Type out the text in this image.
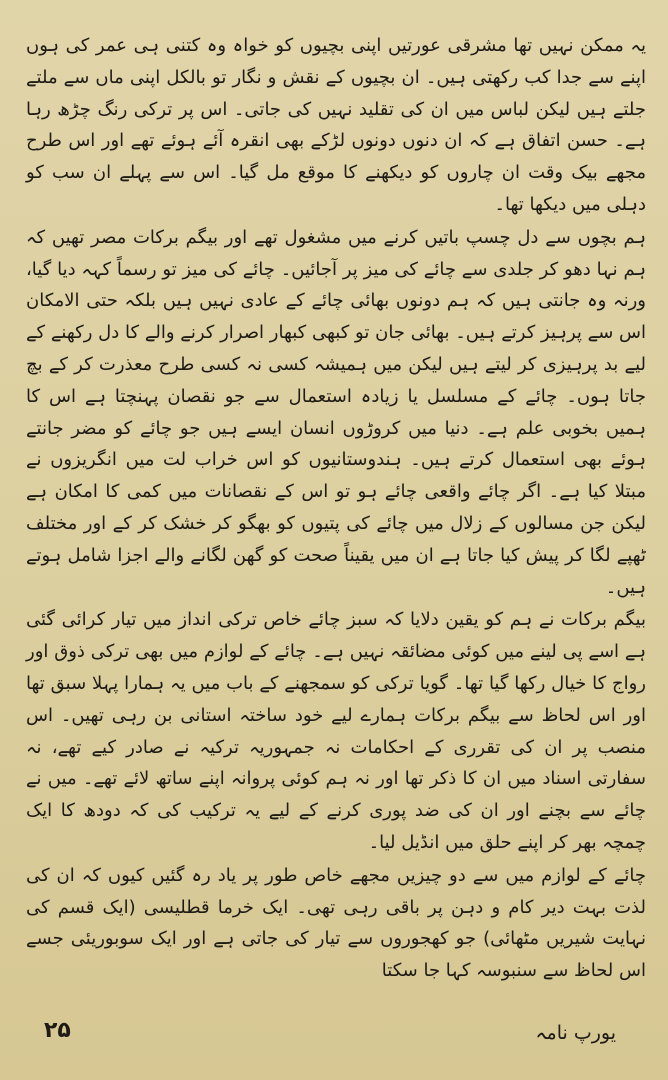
یہ ممکن نہیں تھا مشرقی عورتیں اپنی بچیوں کو خواہ وہ کتنی ہی عمر کی ہوں اپنے سے جدا کب رکھتی ہیں۔ ان بچیوں کے نقش و نگار تو بالکل اپنی ماں سے ملتے جلتے ہیں لیکن لباس میں ان کی تقلید نہیں کی جاتی۔ اس پر ترکی رنگ چڑھ رہا ہے۔ حسن اتفاق ہے کہ ان دنوں دونوں لڑکے بھی انقرہ آئے ہوئے تھے اور اس طرح مجھے بیک وقت ان چاروں کو دیکھنے کا موقع مل گیا۔ اس سے پہلے ان سب کو دہلی میں دیکھا تھا۔

ہم بچوں سے دل چسپ باتیں کرنے میں مشغول تھے اور بیگم برکات مصر تھیں کہ ہم نہا دھو کر جلدی سے چائے کی میز پر آجائیں۔ چائے کی میز تو رسماً کہہ دیا گیا، ورنہ وہ جانتی ہیں کہ ہم دونوں بھائی چائے کے عادی نہیں ہیں بلکہ حتی الامکان اس سے پرہیز کرتے ہیں۔ بھائی جان تو کبھی کبھار اصرار کرنے والے کا دل رکھنے کے لیے بد پرہیزی کر لیتے ہیں لیکن میں ہمیشہ کسی نہ کسی طرح معذرت کر کے بچ جاتا ہوں۔ چائے کے مسلسل یا زیادہ استعمال سے جو نقصان پہنچتا ہے اس کا ہمیں بخوبی علم ہے۔ دنیا میں کروڑوں انسان ایسے ہیں جو چائے کو مضر جانتے ہوئے بھی استعمال کرتے ہیں۔ ہندوستانیوں کو اس خراب لت میں انگریزوں نے مبتلا کیا ہے۔ اگر چائے واقعی چائے ہو تو اس کے نقصانات میں کمی کا امکان ہے لیکن جن مسالوں کے زلال میں چائے کی پتیوں کو بھگو کر خشک کر کے اور مختلف ٹھپے لگا کر پیش کیا جاتا ہے ان میں یقیناً صحت کو گھن لگانے والے اجزا شامل ہوتے ہیں۔

بیگم برکات نے ہم کو یقین دلایا کہ سبز چائے خاص ترکی انداز میں تیار کرائی گئی ہے اسے پی لینے میں کوئی مضائقہ نہیں ہے۔ چائے کے لوازم میں بھی ترکی ذوق اور رواج کا خیال رکھا گیا تھا۔ گویا ترکی کو سمجھنے کے باب میں یہ ہمارا پہلا سبق تھا اور اس لحاظ سے بیگم برکات ہمارے لیے خود ساختہ استانی بن رہی تھیں۔ اس منصب پر ان کی تقرری کے احکامات نہ جمہوریہ ترکیہ نے صادر کیے تھے، نہ سفارتی اسناد میں ان کا ذکر تھا اور نہ ہم کوئی پروانہ اپنے ساتھ لائے تھے۔ میں نے چائے سے بچنے اور ان کی ضد پوری کرنے کے لیے یہ ترکیب کی کہ دودھ کا ایک چمچہ بھر کر اپنے حلق میں انڈیل لیا۔

چائے کے لوازم میں سے دو چیزیں مجھے خاص طور پر یاد رہ گئیں کیوں کہ ان کی لذت بہت دیر کام و دہن پر باقی رہی تھی۔ ایک خرما قطلیسی (ایک قسم کی نہایت شیریں مٹھائی) جو کھجوروں سے تیار کی جاتی ہے اور ایک سوبوریئی جسے اس لحاظ سے سنبوسہ کہا جا سکتا

۲۵	یورپ نامہ
